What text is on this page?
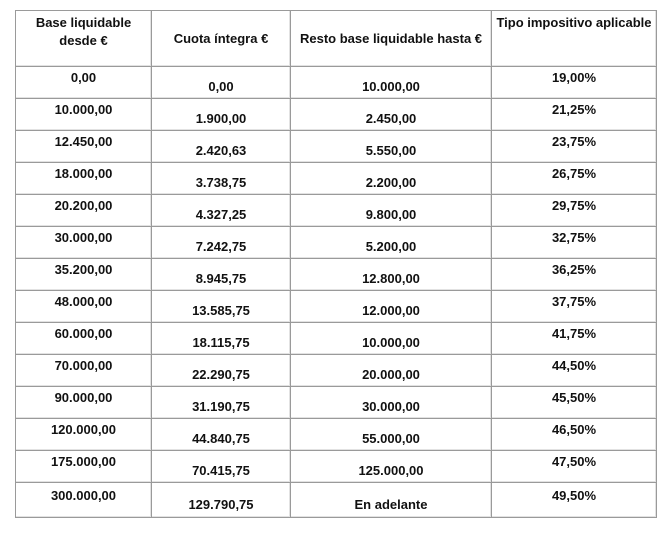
Base liquidable desde €	Cuota íntegra €	Resto base liquidable hasta €	Tipo impositivo aplicable

0,00	0,00	10.000,00	19,00%

10.000,00	1.900,00	2.450,00	21,25%

12.450,00	2.420,63	5.550,00	23,75%

18.000,00	3.738,75	2.200,00	26,75%

20.200,00	4.327,25	9.800,00	29,75%

30.000,00	7.242,75	5.200,00	32,75%

35.200,00	8.945,75	12.800,00	36,25%

48.000,00	13.585,75	12.000,00	37,75%

60.000,00	18.115,75	10.000,00	41,75%

70.000,00	22.290,75	20.000,00	44,50%

90.000,00	31.190,75	30.000,00	45,50%

120.000,00	44.840,75	55.000,00	46,50%

175.000,00	70.415,75	125.000,00	47,50%

300.000,00	129.790,75	En adelante	49,50%
